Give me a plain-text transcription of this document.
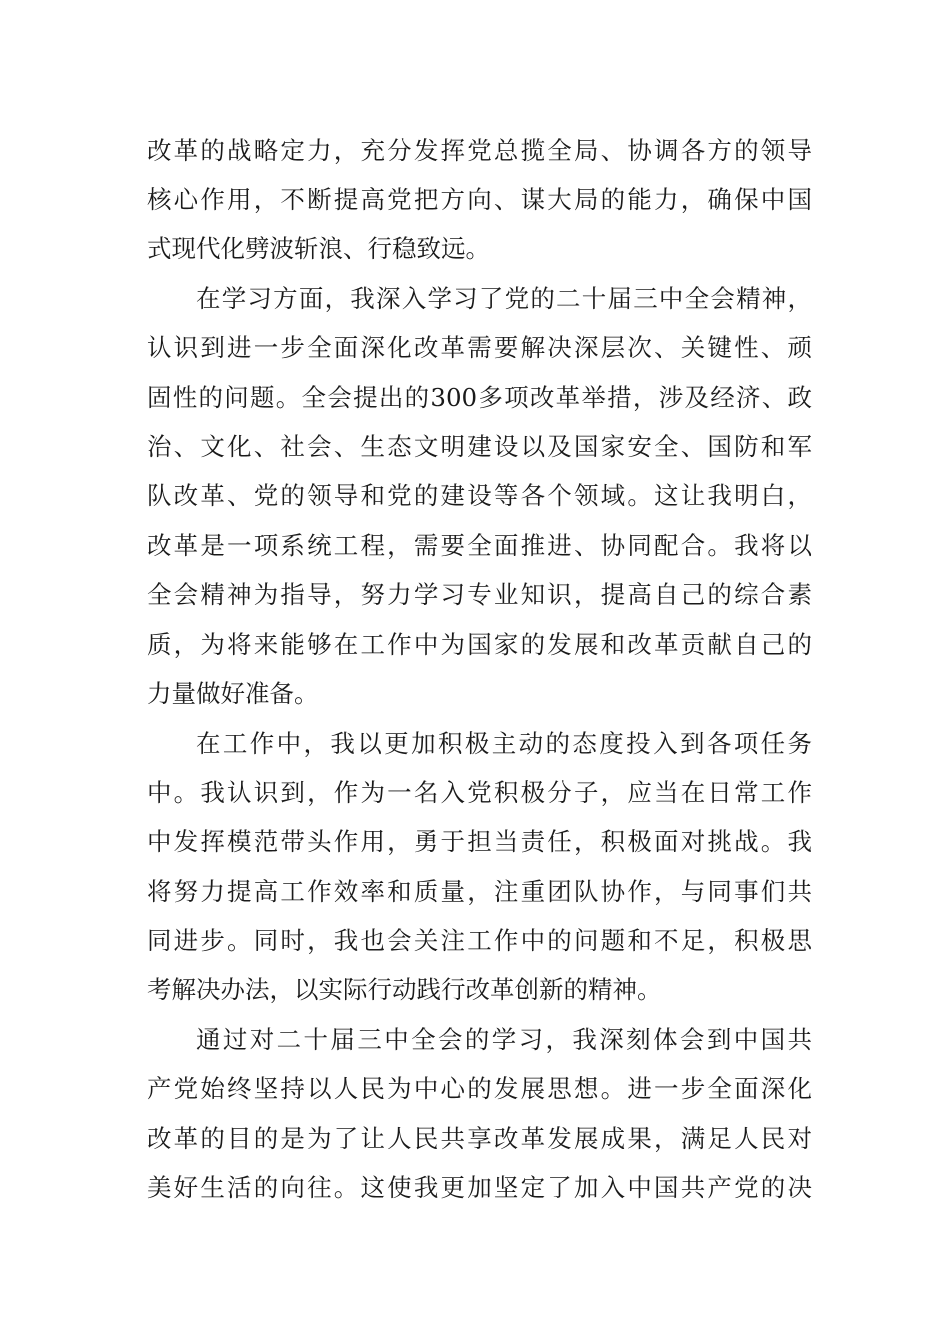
改革的战略定力，充分发挥党总揽全局、协调各方的领导
核心作用，不断提高党把方向、谋大局的能力，确保中国
式现代化劈波斩浪、行稳致远。
在学习方面，我深入学习了党的二十届三中全会精神，
认识到进一步全面深化改革需要解决深层次、关键性、顽
固性的问题。全会提出的300多项改革举措，涉及经济、政
治、文化、社会、生态文明建设以及国家安全、国防和军
队改革、党的领导和党的建设等各个领域。这让我明白，
改革是一项系统工程，需要全面推进、协同配合。我将以
全会精神为指导，努力学习专业知识，提高自己的综合素
质，为将来能够在工作中为国家的发展和改革贡献自己的
力量做好准备。
在工作中，我以更加积极主动的态度投入到各项任务
中。我认识到，作为一名入党积极分子，应当在日常工作
中发挥模范带头作用，勇于担当责任，积极面对挑战。我
将努力提高工作效率和质量，注重团队协作，与同事们共
同进步。同时，我也会关注工作中的问题和不足，积极思
考解决办法，以实际行动践行改革创新的精神。
通过对二十届三中全会的学习，我深刻体会到中国共
产党始终坚持以人民为中心的发展思想。进一步全面深化
改革的目的是为了让人民共享改革发展成果，满足人民对
美好生活的向往。这使我更加坚定了加入中国共产党的决
